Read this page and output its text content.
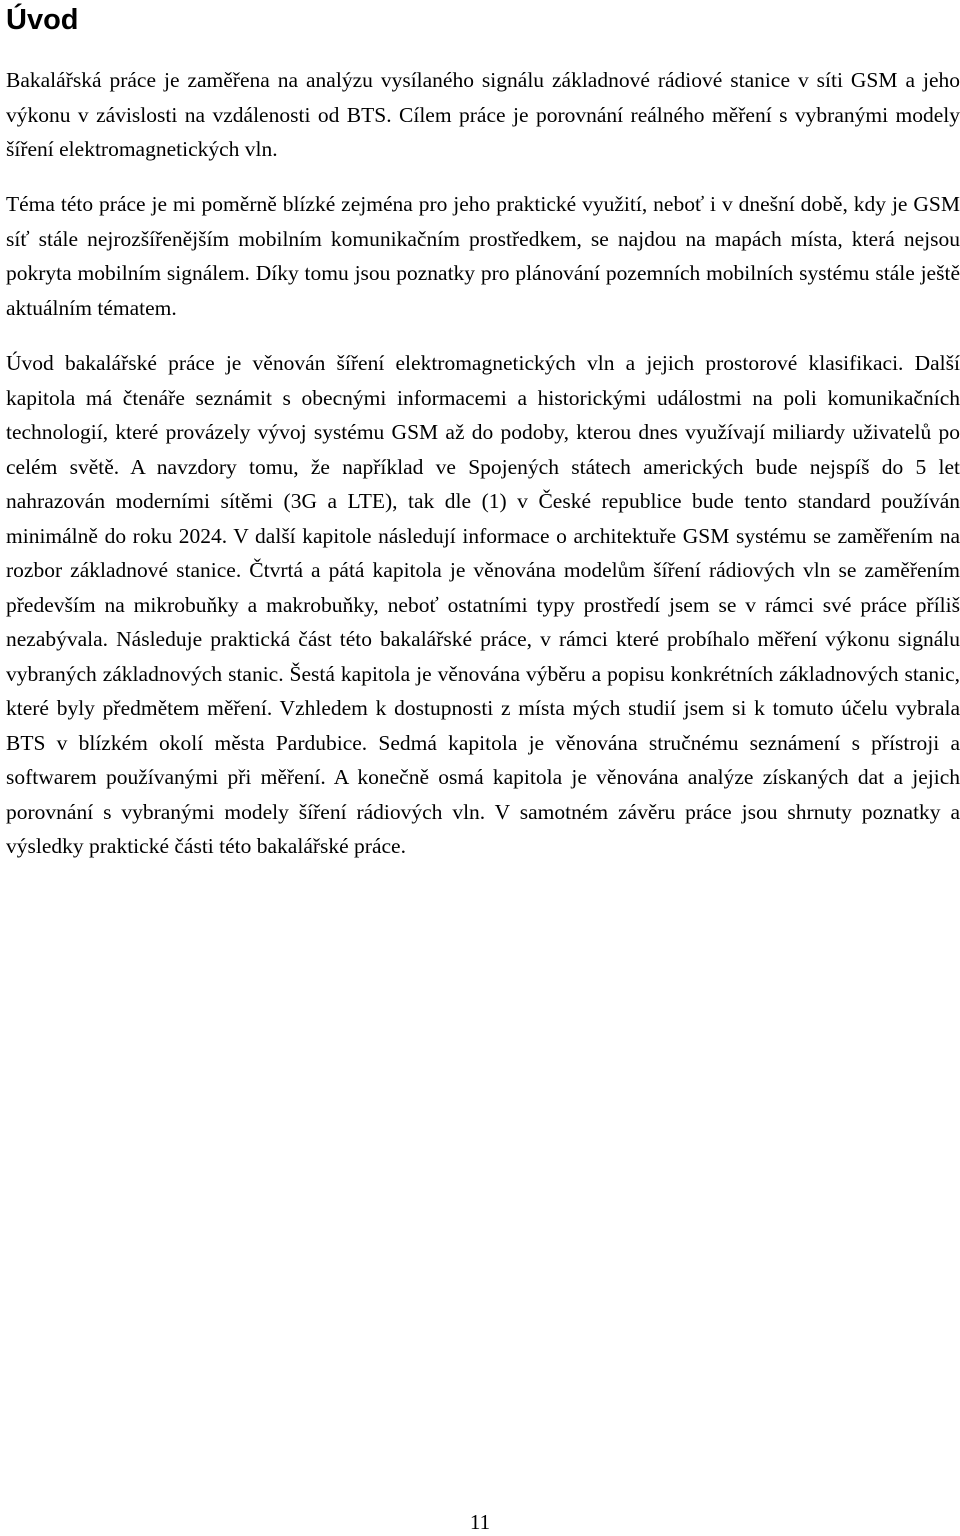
Úvod

Bakalářská práce je zaměřena na analýzu vysílaného signálu základnové rádiové stanice v síti GSM a jeho výkonu v závislosti na vzdálenosti od BTS. Cílem práce je porovnání reálného měření s vybranými modely šíření elektromagnetických vln.

Téma této práce je mi poměrně blízké zejména pro jeho praktické využití, neboť i v dnešní době, kdy je GSM síť stále nejrozšířenějším mobilním komunikačním prostředkem, se najdou na mapách místa, která nejsou pokryta mobilním signálem. Díky tomu jsou poznatky pro plánování pozemních mobilních systému stále ještě aktuálním tématem.

Úvod bakalářské práce je věnován šíření elektromagnetických vln a jejich prostorové klasifikaci. Další kapitola má čtenáře seznámit s obecnými informacemi a historickými událostmi na poli komunikačních technologií, které provázely vývoj systému GSM až do podoby, kterou dnes využívají miliardy uživatelů po celém světě. A navzdory tomu, že například ve Spojených státech amerických bude nejspíš do 5 let nahrazován moderními sítěmi (3G a LTE), tak dle (1) v České republice bude tento standard používán minimálně do roku 2024. V další kapitole následují informace o architektuře GSM systému se zaměřením na rozbor základnové stanice. Čtvrtá a pátá kapitola je věnována modelům šíření rádiových vln se zaměřením především na mikrobuňky a makrobuňky, neboť ostatními typy prostředí jsem se v rámci své práce příliš nezabývala. Následuje praktická část této bakalářské práce, v rámci které probíhalo měření výkonu signálu vybraných základnových stanic. Šestá kapitola je věnována výběru a popisu konkrétních základnových stanic, které byly předmětem měření. Vzhledem k dostupnosti z místa mých studií jsem si k tomuto účelu vybrala BTS v blízkém okolí města Pardubice. Sedmá kapitola je věnována stručnému seznámení s přístroji a softwarem používanými při měření. A konečně osmá kapitola je věnována analýze získaných dat a jejich porovnání s vybranými modely šíření rádiových vln. V samotném závěru práce jsou shrnuty poznatky a výsledky praktické části této bakalářské práce.

11
